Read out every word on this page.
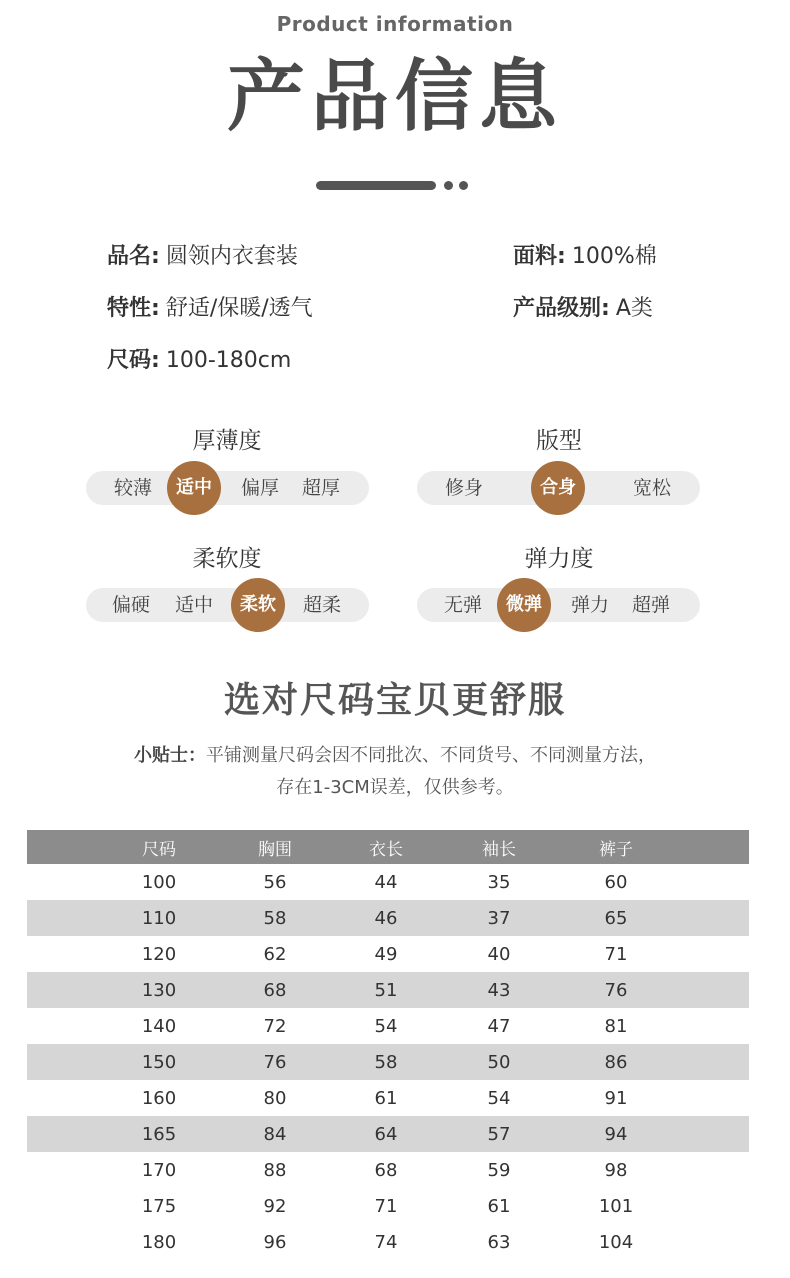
Product information
产品信息
品名: 圆领内衣套装	面料: 100%棉
特性: 舒适/保暖/透气	产品级别: A类
尺码: 100-180cm
厚薄度
较薄	适中	偏厚 超厚
版型
修身	合身	宽松
柔软度
偏硬 适中	柔软	超柔
弹力度
无弹	微弹	弹力 超弹
选对尺码宝贝更舒服
小贴士：平铺测量尺码会因不同批次、不同货号、不同测量方法，
存在1-3CM误差，仅供参考。
尺码	胸围	衣长	袖长	裤子
100	56	44	35	60
110	58	46	37	65
120	62	49	40	71
130	68	51	43	76
140	72	54	47	81
150	76	58	50	86
160	80	61	54	91
165	84	64	57	94
170	88	68	59	98
175	92	71	61	101
180	96	74	63	104
